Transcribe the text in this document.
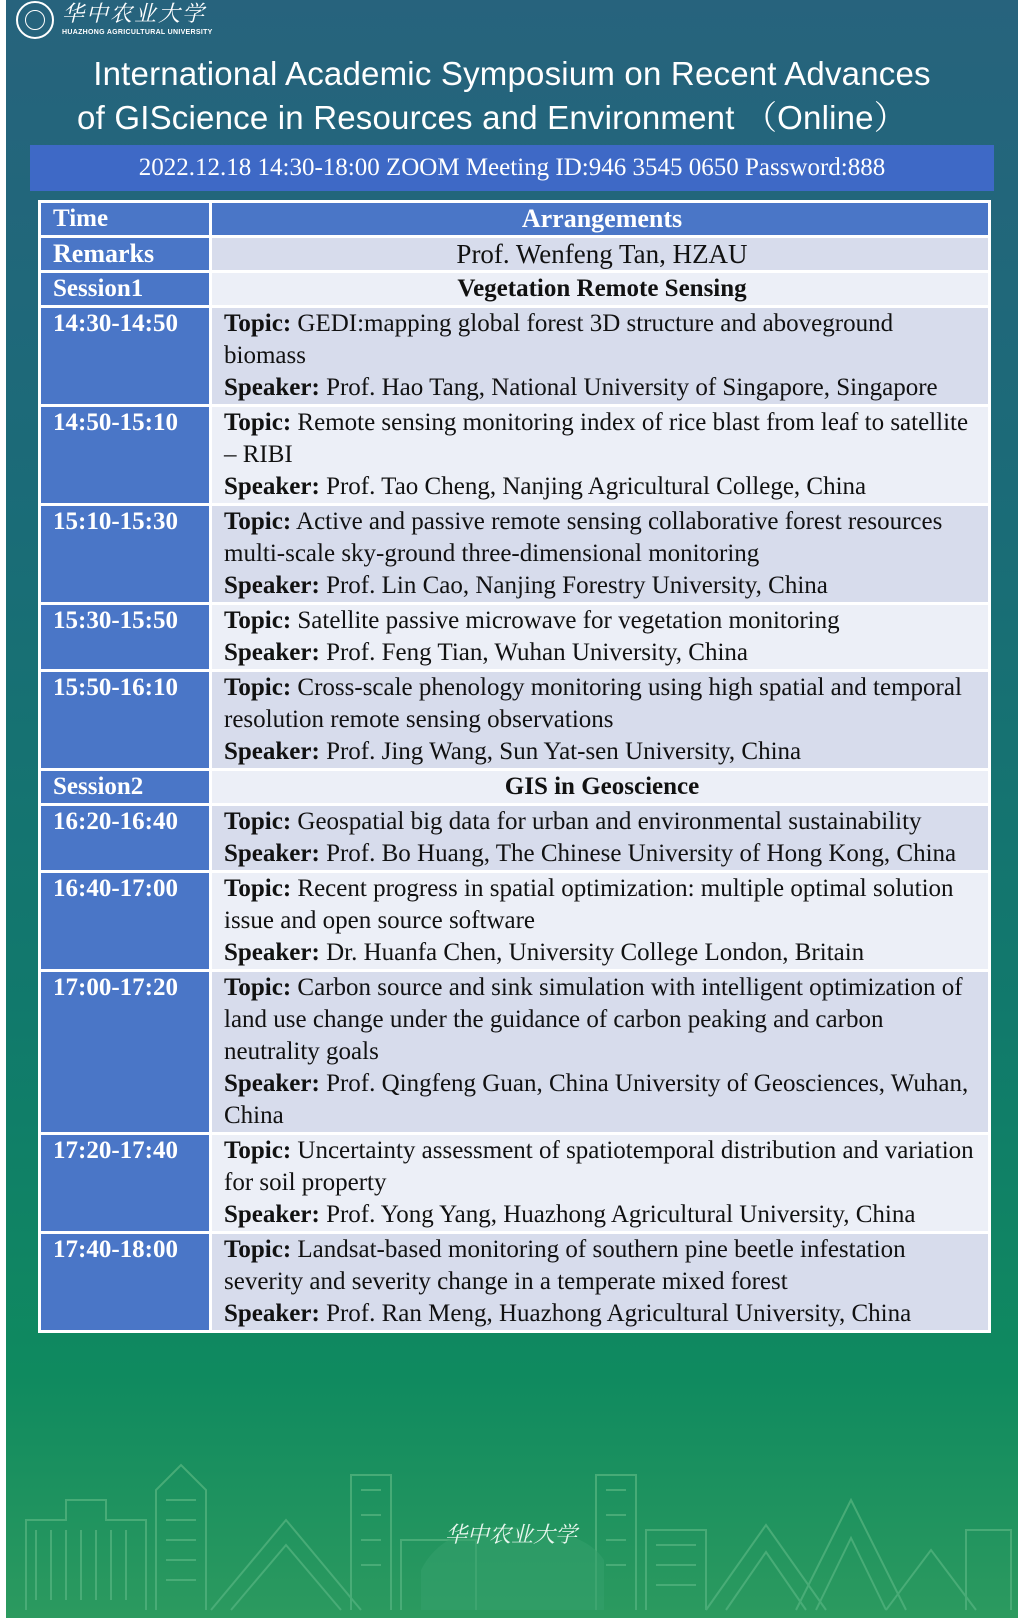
华中农业大学
HUAZHONG AGRICULTURAL UNIVERSITY
International Academic Symposium on Recent Advances
of GIScience in Resources and Environment （Online）
2022.12.18 14:30-18:00 ZOOM Meeting ID:946 3545 0650 Password:888
Time	Arrangements
Remarks	Prof. Wenfeng Tan, HZAU
Session1	Vegetation Remote Sensing
14:30-14:50	Topic: GEDI:mapping global forest 3D structure and aboveground biomass
Speaker: Prof. Hao Tang, National University of Singapore, Singapore

14:50-15:10	Topic: Remote sensing monitoring index of rice blast from leaf to satellite – RIBI
Speaker: Prof. Tao Cheng, Nanjing Agricultural College, China

15:10-15:30	Topic: Active and passive remote sensing collaborative forest resources multi-scale sky-ground three-dimensional monitoring
Speaker: Prof. Lin Cao, Nanjing Forestry University, China

15:30-15:50	Topic: Satellite passive microwave for vegetation monitoring
Speaker: Prof. Feng Tian, Wuhan University, China

15:50-16:10	Topic: Cross-scale phenology monitoring using high spatial and temporal resolution remote sensing observations
Speaker: Prof. Jing Wang, Sun Yat-sen University, China

Session2	GIS in Geoscience
16:20-16:40	Topic: Geospatial big data for urban and environmental sustainability
Speaker: Prof. Bo Huang, The Chinese University of Hong Kong, China

16:40-17:00	Topic: Recent progress in spatial optimization: multiple optimal solution issue and open source software
Speaker: Dr. Huanfa Chen, University College London, Britain

17:00-17:20	Topic: Carbon source and sink simulation with intelligent optimization of land use change under the guidance of carbon peaking and carbon neutrality goals
Speaker: Prof. Qingfeng Guan, China University of Geosciences, Wuhan, China

17:20-17:40	Topic: Uncertainty assessment of spatiotemporal distribution and variation for soil property
Speaker: Prof. Yong Yang, Huazhong Agricultural University, China

17:40-18:00	Topic: Landsat-based monitoring of southern pine beetle infestation severity and severity change in a temperate mixed forest
Speaker: Prof. Ran Meng, Huazhong Agricultural University, China
华中农业大学
